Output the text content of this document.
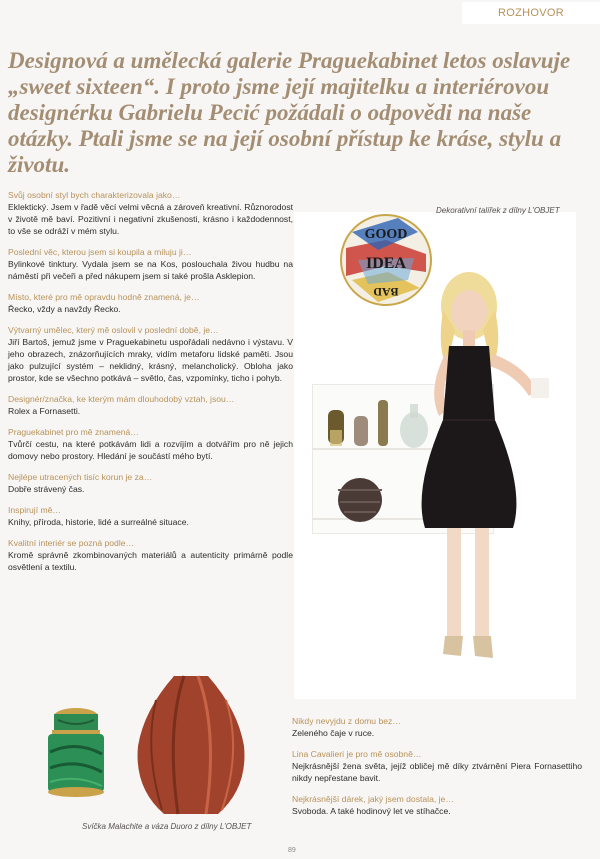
ROZHOVOR
Designová a umělecká galerie Praguekabinet letos oslavuje „sweet sixteen“. I proto jsme její majitelku a interiérovou designérku Gabrielu Pecić požádali o odpovědi na naše otázky. Ptali jsme se na její osobní přístup ke kráse, stylu a životu.
GOOD
IDEA
BAD
Dekorativní talířek z dílny L’OBJET

Svůj osobní styl bych charakterizovala jako…

Eklektický. Jsem v řadě věcí velmi věcná a zároveň kreativní. Různorodost v životě mě baví. Pozitivní i negativní zkušenosti, krásno i každodennost, to vše se odráží v mém stylu.

Poslední věc, kterou jsem si koupila a miluju ji…

Bylinkové tinktury. Vydala jsem se na Kos, poslouchala živou hudbu na náměstí při večeři a před nákupem jsem si také prošla Asklepion.

Místo, které pro mě opravdu hodně znamená, je…

Řecko, vždy a navždy Řecko.

Výtvarný umělec, který mě oslovil v poslední době, je…

Jiří Bartoš, jemuž jsme v Praguekabinetu uspořádali nedávno i výstavu. V jeho obrazech, znázorňujících mraky, vidím metaforu lidské paměti. Jsou jako pulzující systém – neklidný, krásný, melancholický. Obloha jako prostor, kde se všechno potkává – světlo, čas, vzpomínky, ticho i pohyb.

Designér/značka, ke kterým mám dlouhodobý vztah, jsou…

Rolex a Fornasetti.

Praguekabinet pro mě znamená…

Tvůrčí cestu, na které potkávám lidi a rozvíjím a dotvářím pro ně jejich domovy nebo prostory. Hledání je součástí mého bytí.

Nejlépe utracených tisíc korun je za…

Dobře strávený čas.

Inspirují mě…

Knihy, příroda, historie, lidé a surreálné situace.

Kvalitní interiér se pozná podle…

Kromě správně zkombinovaných materiálů a autenticity primárně podle osvětlení a textilu.

Svíčka Malachite a váza Duoro z dílny L’OBJET

Nikdy nevyjdu z domu bez…

Zeleného čaje v ruce.

Lina Cavalieri je pro mě osobně…

Nejkrásnější žena světa, jejíž obličej mě díky ztvárnění Piera Fornasettiho nikdy nepřestane bavit.

Nejkrásnější dárek, jaký jsem dostala, je…

Svoboda. A také hodinový let ve stíhačce.

89
